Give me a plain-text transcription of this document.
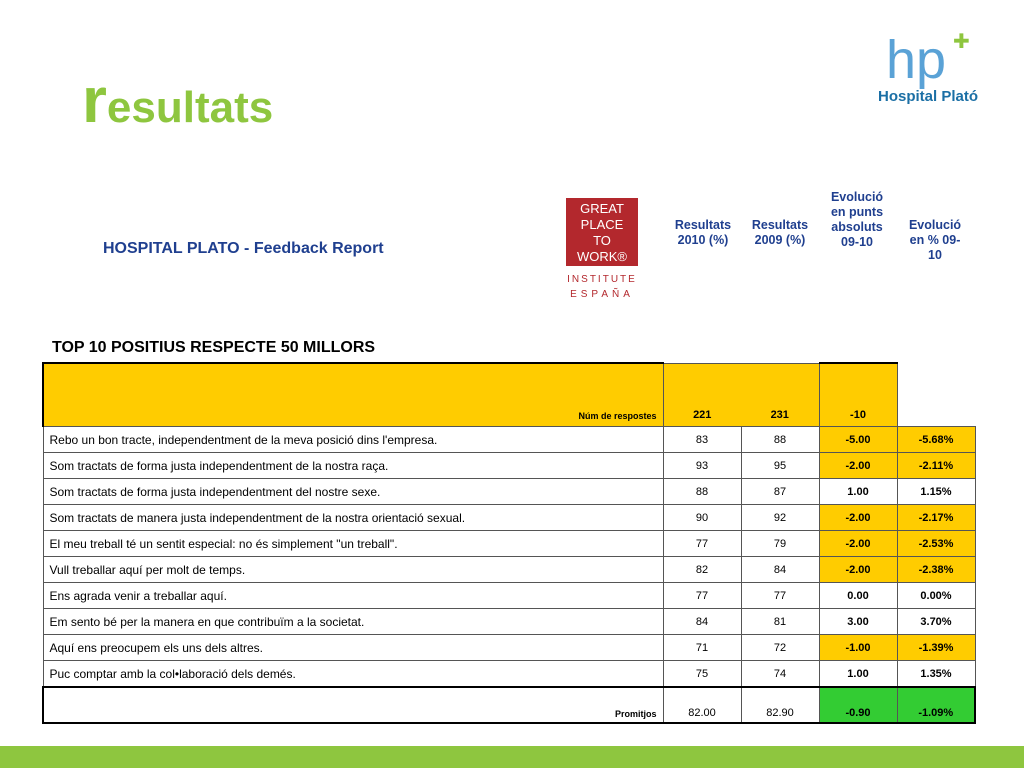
resultats
hp ✚
Hospital Plató
HOSPITAL PLATO - Feedback Report
GREAT
PLACE
TO
WORK®
INSTITUTE
ESPAÑA
Resultats 2010 (%)
Resultats 2009 (%)
Evolució en punts absoluts 09-10
Evolució en % 09-10
TOP 10 POSITIUS RESPECTE 50 MILLORS
Núm de respostes	221	231	-10	
Rebo un bon tracte, independentment de la meva posició dins l'empresa.	83	88	-5.00	-5.68%
Som tractats de forma justa independentment de la nostra raça.	93	95	-2.00	-2.11%
Som tractats de forma justa independentment del nostre sexe.	88	87	1.00	1.15%
Som tractats de manera justa independentment de la nostra orientació sexual.	90	92	-2.00	-2.17%
El meu treball té un sentit especial: no és simplement "un treball".	77	79	-2.00	-2.53%
Vull treballar aquí per molt de temps.	82	84	-2.00	-2.38%
Ens agrada venir a treballar aquí.	77	77	0.00	0.00%
Em sento bé per la manera en que contribuïm a la societat.	84	81	3.00	3.70%
Aquí ens preocupem els uns dels altres.	71	72	-1.00	-1.39%
Puc comptar amb la col•laboració dels demés.	75	74	1.00	1.35%
Promitjos	82.00	82.90	-0.90	-1.09%
